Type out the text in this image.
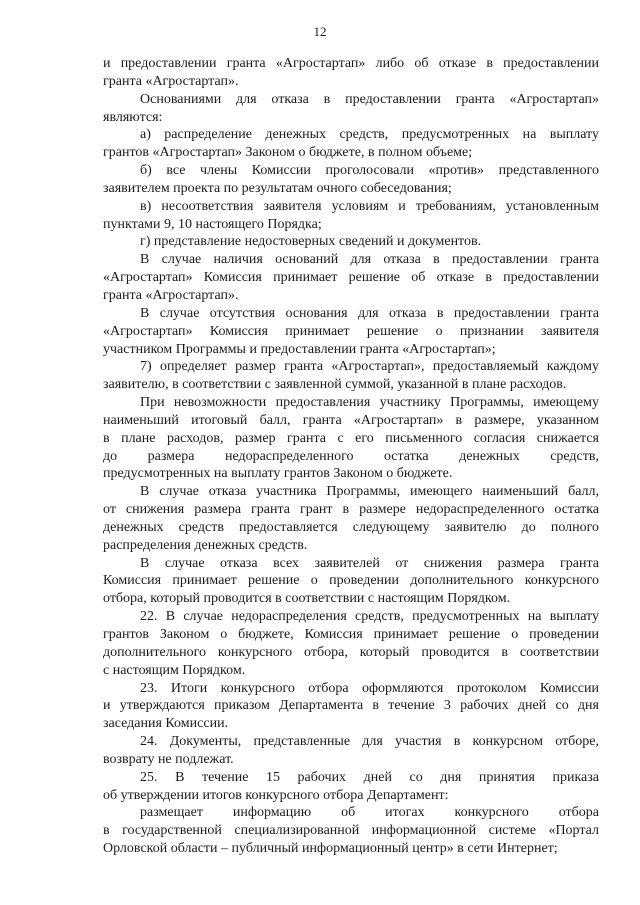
12
и предоставлении гранта «Агростартап» либо об отказе в предоставлении
гранта «Агростартап».
Основаниями для отказа в предоставлении гранта «Агростартап»
являются:
а) распределение денежных средств, предусмотренных на выплату
грантов «Агростартап» Законом о бюджете, в полном объеме;
б) все члены Комиссии проголосовали «против» представленного
заявителем проекта по результатам очного собеседования;
в) несоответствия заявителя условиям и требованиям, установленным
пунктами 9, 10 настоящего Порядка;
г) представление недостоверных сведений и документов.
В случае наличия оснований для отказа в предоставлении гранта
«Агростартап» Комиссия принимает решение об отказе в предоставлении
гранта «Агростартап».
В случае отсутствия основания для отказа в предоставлении гранта
«Агростартап» Комиссия принимает решение о признании заявителя
участником Программы и предоставлении гранта «Агростартап»;
7) определяет размер гранта «Агростартап», предоставляемый каждому
заявителю, в соответствии с заявленной суммой, указанной в плане расходов.
При невозможности предоставления участнику Программы, имеющему
наименьший итоговый балл, гранта «Агростартап» в размере, указанном
в плане расходов, размер гранта с его письменного согласия снижается
до размера недораспределенного остатка денежных средств,
предусмотренных на выплату грантов Законом о бюджете.
В случае отказа участника Программы, имеющего наименьший балл,
от снижения размера гранта грант в размере недораспределенного остатка
денежных средств предоставляется следующему заявителю до полного
распределения денежных средств.
В случае отказа всех заявителей от снижения размера гранта
Комиссия принимает решение о проведении дополнительного конкурсного
отбора, который проводится в соответствии с настоящим Порядком.
22. В случае недораспределения средств, предусмотренных на выплату
грантов Законом о бюджете, Комиссия принимает решение о проведении
дополнительного конкурсного отбора, который проводится в соответствии
с настоящим Порядком.
23. Итоги конкурсного отбора оформляются протоколом Комиссии
и утверждаются приказом Департамента в течение 3 рабочих дней со дня
заседания Комиссии.
24. Документы, представленные для участия в конкурсном отборе,
возврату не подлежат.
25. В течение 15 рабочих дней со дня принятия приказа
об утверждении итогов конкурсного отбора Департамент:
размещает информацию об итогах конкурсного отбора
в государственной специализированной информационной системе «Портал
Орловской области – публичный информационный центр» в сети Интернет;
